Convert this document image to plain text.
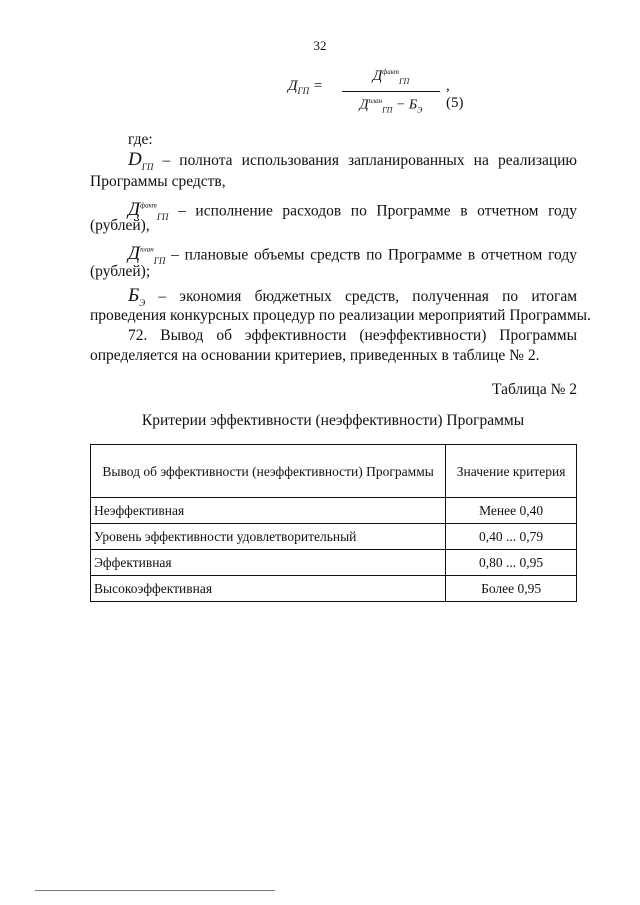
32
$Д_{ГП}$ =
$Д^{факт}_{ГП}$
$Д^{план}_{ГП} - Б_Э$
, (5)
где:
$D_{ГП}$ – полнота использования запланированных на реализацию
Программы средств,
$Д^{факт}_{ГП}$ – исполнение расходов по Программе в отчетном году
(рублей),
$Д^{план}_{ГП}$ – плановые объемы средств по Программе в отчетном году
(рублей);
$Б_Э$ – экономия бюджетных средств, полученная по итогам
проведения конкурсных процедур по реализации мероприятий Программы.
72. Вывод об эффективности (неэффективности) Программы
определяется на основании критериев, приведенных в таблице № 2.
Таблица № 2
Критерии эффективности (неэффективности) Программы
Вывод об эффективности (неэффективности) Программы	Значение критерия
Неэффективная	Менее 0,40
Уровень эффективности удовлетворительный	0,40 ... 0,79
Эффективная	0,80 ... 0,95
Высокоэффективная	Более 0,95
